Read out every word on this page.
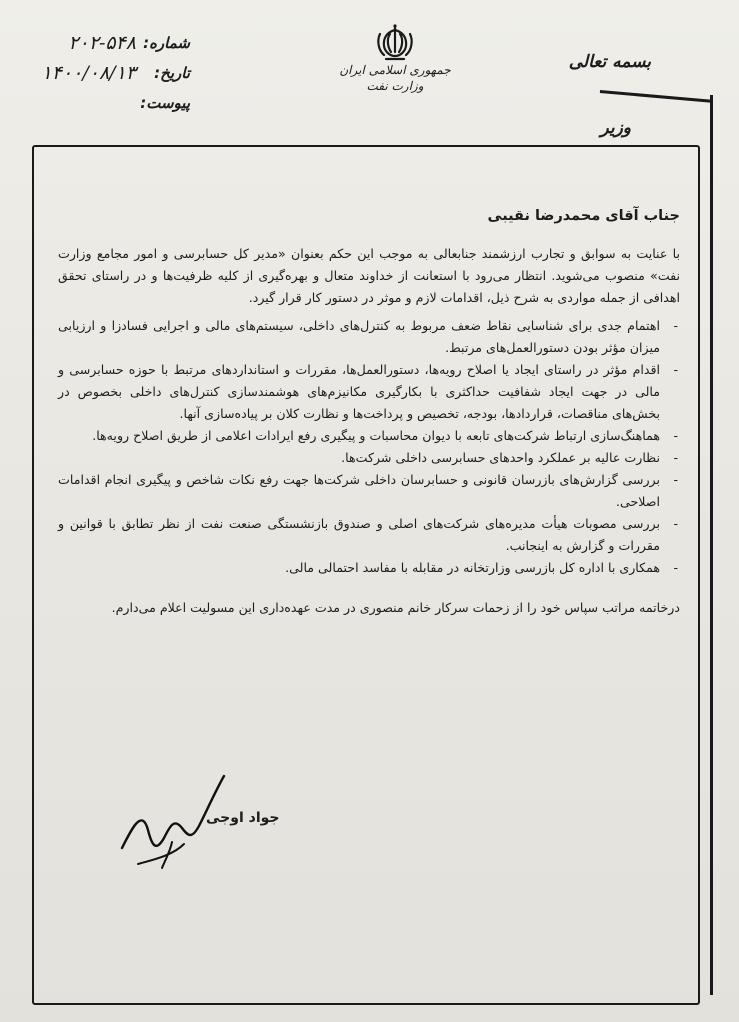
شماره:
۲۰۲-۵۴۸
تاریخ:
۱۴۰۰/۰۸/۱۳
پیوست:
جمهوری اسلامی ایران
وزارت نفت
بسمه تعالی
وزیر
جناب آقای محمدرضا نقیبی

با عنایت به سوابق و تجارب ارزشمند جنابعالی به موجب این حکم بعنوان «مدیر کل حسابرسی و امور مجامع وزارت نفت» منصوب می‌شوید. انتظار می‌رود با استعانت از خداوند متعال و بهره‌گیری از کلیه ظرفیت‌ها و در راستای تحقق اهدافی از جمله مواردی به شرح ذیل، اقدامات لازم و موثر در دستور کار قرار گیرد.

-
اهتمام جدی برای شناسایی نقاط ضعف مربوط به کنترل‌های داخلی، سیستم‌های مالی و اجرایی فسادزا و ارزیابی میزان مؤثر بودن دستورالعمل‌های مرتبط.
-
اقدام مؤثر در راستای ایجاد یا اصلاح رویه‌ها، دستورالعمل‌ها، مقررات و استانداردهای مرتبط با حوزه حسابرسی و مالی در جهت ایجاد شفافیت حداکثری با بکارگیری مکانیزم‌های هوشمندسازی کنترل‌های داخلی بخصوص در بخش‌های مناقصات، قراردادها، بودجه، تخصیص و پرداخت‌ها و نظارت کلان بر پیاده‌سازی آنها.
-
هماهنگ‌سازی ارتباط شرکت‌های تابعه با دیوان محاسبات و پیگیری رفع ایرادات اعلامی از طریق اصلاح رویه‌ها.
-
نظارت عالیه بر عملکرد واحدهای حسابرسی داخلی شرکت‌ها.
-
بررسی گزارش‌های بازرسان قانونی و حسابرسان داخلی شرکت‌ها جهت رفع نکات شاخص و پیگیری انجام اقدامات اصلاحی.
-
بررسی مصوبات هیأت مدیره‌های شرکت‌های اصلی و صندوق بازنشستگی صنعت نفت از نظر تطابق با قوانین و مقررات و گزارش به اینجانب.
-
همکاری با اداره کل بازرسی وزارتخانه در مقابله با مفاسد احتمالی مالی.

درخاتمه مراتب سپاس خود را از زحمات سرکار خانم منصوری در مدت عهده‌داری این مسولیت اعلام می‌دارم.

جواد اوجی
